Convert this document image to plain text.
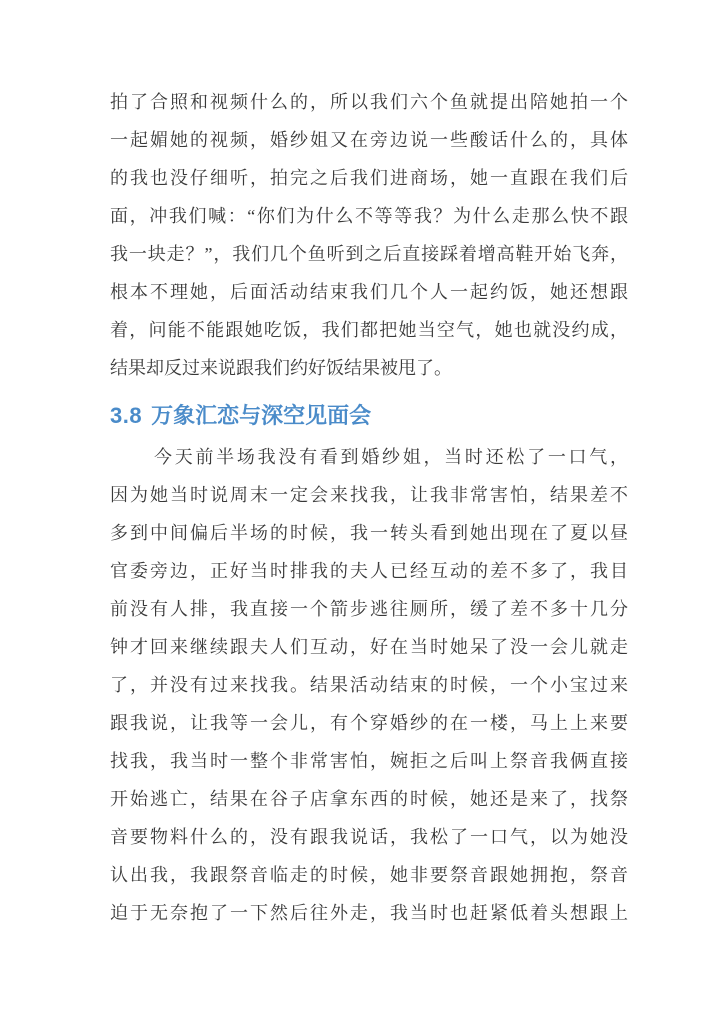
拍了合照和视频什么的，所以我们六个鱼就提出陪她拍一个
一起媚她的视频，婚纱姐又在旁边说一些酸话什么的，具体
的我也没仔细听，拍完之后我们进商场，她一直跟在我们后
面，冲我们喊：“你们为什么不等等我？为什么走那么快不跟
我一块走？”，我们几个鱼听到之后直接踩着增高鞋开始飞奔，
根本不理她，后面活动结束我们几个人一起约饭，她还想跟
着，问能不能跟她吃饭，我们都把她当空气，她也就没约成，
结果却反过来说跟我们约好饭结果被甩了。
3.8 万象汇恋与深空见面会
今天前半场我没有看到婚纱姐，当时还松了一口气，
因为她当时说周末一定会来找我，让我非常害怕，结果差不
多到中间偏后半场的时候，我一转头看到她出现在了夏以昼
官委旁边，正好当时排我的夫人已经互动的差不多了，我目
前没有人排，我直接一个箭步逃往厕所，缓了差不多十几分
钟才回来继续跟夫人们互动，好在当时她呆了没一会儿就走
了，并没有过来找我。结果活动结束的时候，一个小宝过来
跟我说，让我等一会儿，有个穿婚纱的在一楼，马上上来要
找我，我当时一整个非常害怕，婉拒之后叫上祭音我俩直接
开始逃亡，结果在谷子店拿东西的时候，她还是来了，找祭
音要物料什么的，没有跟我说话，我松了一口气，以为她没
认出我，我跟祭音临走的时候，她非要祭音跟她拥抱，祭音
迫于无奈抱了一下然后往外走，我当时也赶紧低着头想跟上
